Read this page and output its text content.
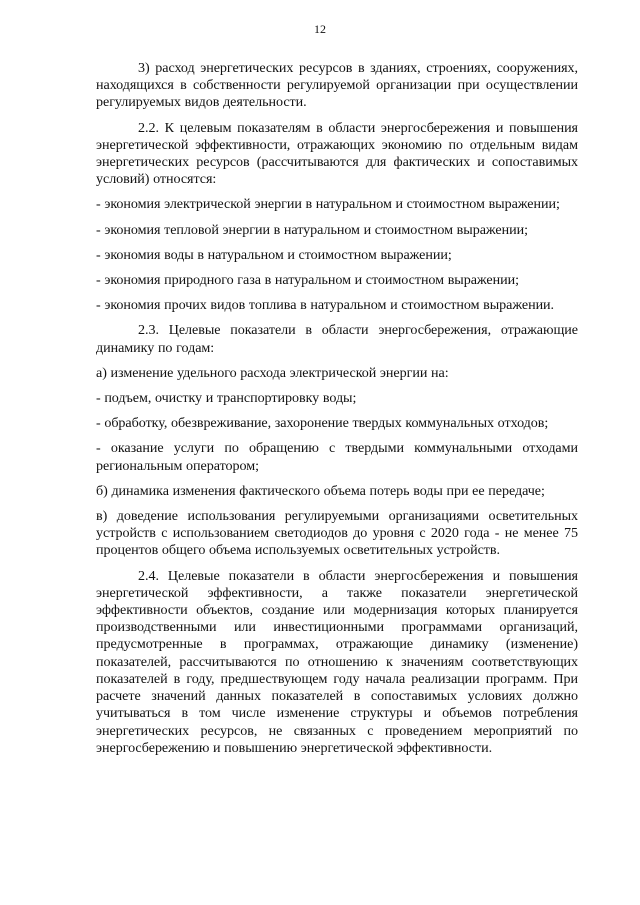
12

3) расход энергетических ресурсов в зданиях, строениях, сооружениях, находящихся в собственности регулируемой организации при осуществлении регулируемых видов деятельности.

2.2. К целевым показателям в области энергосбережения и повышения энергетической эффективности, отражающих экономию по отдельным видам энергетических ресурсов (рассчитываются для фактических и сопоставимых условий) относятся:

- экономия электрической энергии в натуральном и стоимостном выражении;

- экономия тепловой энергии в натуральном и стоимостном выражении;

- экономия воды в натуральном и стоимостном выражении;

- экономия природного газа в натуральном и стоимостном выражении;

- экономия прочих видов топлива в натуральном и стоимостном выражении.

2.3. Целевые показатели в области энергосбережения, отражающие динамику по годам:

а) изменение удельного расхода электрической энергии на:

- подъем, очистку и транспортировку воды;

- обработку, обезвреживание, захоронение твердых коммунальных отходов;

- оказание услуги по обращению с твердыми коммунальными отходами региональным оператором;

б) динамика изменения фактического объема потерь воды при ее передаче;

в) доведение использования регулируемыми организациями осветительных устройств с использованием светодиодов до уровня с 2020 года - не менее 75 процентов общего объема используемых осветительных устройств.

2.4. Целевые показатели в области энергосбережения и повышения энергетической эффективности, а также показатели энергетической эффективности объектов, создание или модернизация которых планируется производственными или инвестиционными программами организаций, предусмотренные в программах, отражающие динамику (изменение) показателей, рассчитываются по отношению к значениям соответствующих показателей в году, предшествующем году начала реализации программ. При расчете значений данных показателей в сопоставимых условиях должно учитываться в том числе изменение структуры и объемов потребления энергетических ресурсов, не связанных с проведением мероприятий по энергосбережению и повышению энергетической эффективности.
